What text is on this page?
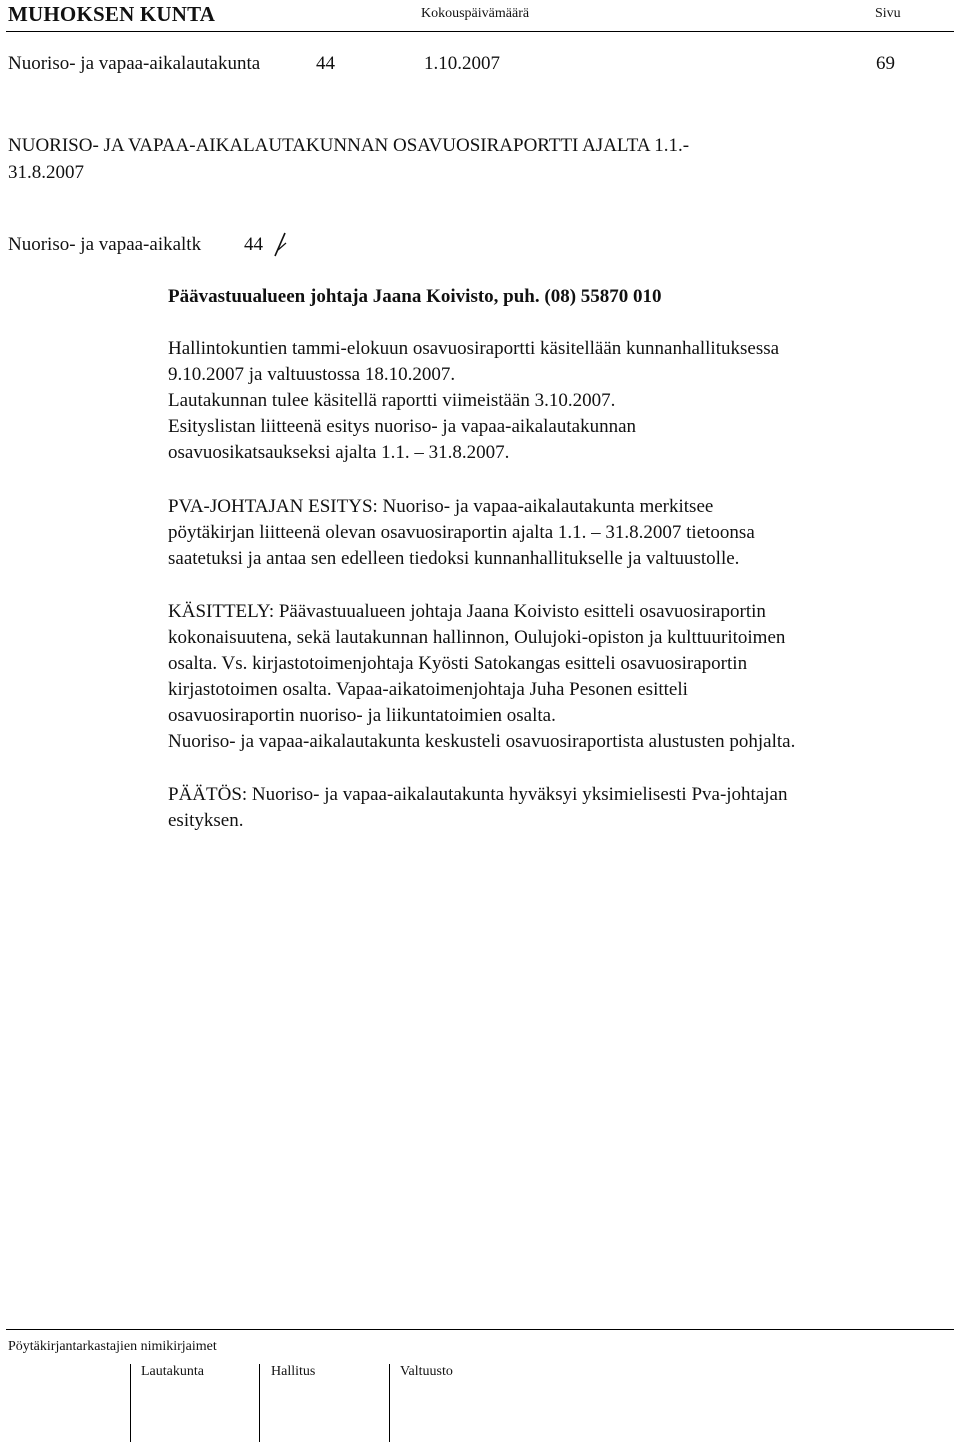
MUHOKSEN KUNTA	Kokouspäivämäärä	Sivu
Nuoriso- ja vapaa-aikalautakunta	44	1.10.2007	69
NUORISO- JA VAPAA-AIKALAUTAKUNNAN OSAVUOSIRAPORTTI AJALTA 1.1.-
31.8.2007
Nuoriso- ja vapaa-aikaltk 44
Päävastuualueen johtaja Jaana Koivisto, puh. (08) 55870 010
Hallintokuntien tammi-elokuun osavuosiraportti käsitellään kunnanhallituksessa
9.10.2007 ja valtuustossa 18.10.2007.
Lautakunnan tulee käsitellä raportti viimeistään 3.10.2007.
Esityslistan liitteenä esitys nuoriso- ja vapaa-aikalautakunnan
osavuosikatsaukseksi ajalta 1.1. – 31.8.2007.
PVA-JOHTAJAN ESITYS: Nuoriso- ja vapaa-aikalautakunta merkitsee
pöytäkirjan liitteenä olevan osavuosiraportin ajalta 1.1. – 31.8.2007 tietoonsa
saatetuksi ja antaa sen edelleen tiedoksi kunnanhallitukselle ja valtuustolle.
KÄSITTELY: Päävastuualueen johtaja Jaana Koivisto esitteli osavuosiraportin
kokonaisuutena, sekä lautakunnan hallinnon, Oulujoki-opiston ja kulttuuritoimen
osalta. Vs. kirjastotoimenjohtaja Kyösti Satokangas esitteli osavuosiraportin
kirjastotoimen osalta. Vapaa-aikatoimenjohtaja Juha Pesonen esitteli
osavuosiraportin nuoriso- ja liikuntatoimien osalta.
Nuoriso- ja vapaa-aikalautakunta keskusteli osavuosiraportista alustusten pohjalta.
PÄÄTÖS: Nuoriso- ja vapaa-aikalautakunta hyväksyi yksimielisesti Pva-johtajan
esityksen.
Pöytäkirjantarkastajien nimikirjaimet
Lautakunta	Hallitus	Valtuusto
